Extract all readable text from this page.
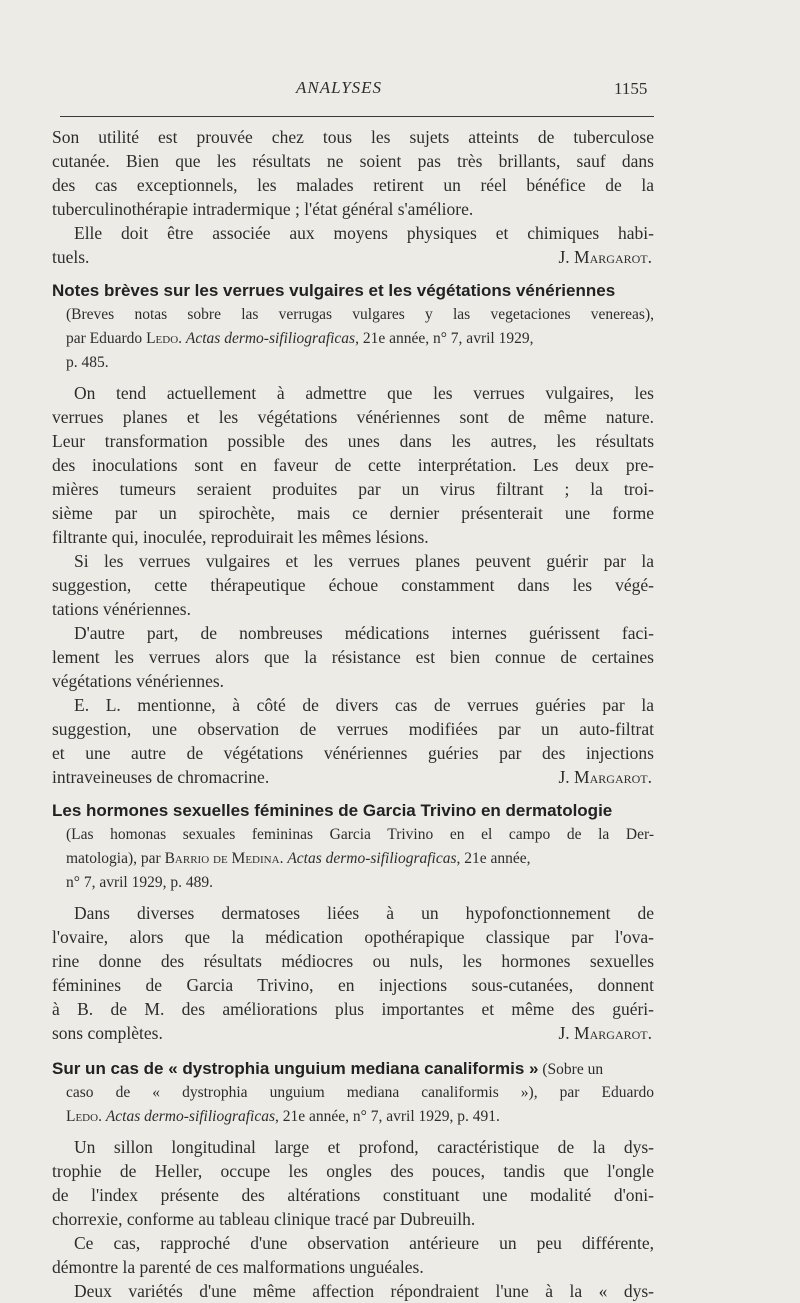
ANALYSES	1155
Son utilité est prouvée chez tous les sujets atteints de tuberculose
cutanée. Bien que les résultats ne soient pas très brillants, sauf dans
des cas exceptionnels, les malades retirent un réel bénéfice de la
tuberculinothérapie intradermique ; l'état général s'améliore.
Elle doit être associée aux moyens physiques et chimiques habi-
tuels.	J. Margarot.
Notes brèves sur les verrues vulgaires et les végétations vénériennes
(Breves notas sobre las verrugas vulgares y las vegetaciones venereas),
par Eduardo Ledo. Actas dermo-sifiliograficas, 21e année, n° 7, avril 1929,
p. 485.
On tend actuellement à admettre que les verrues vulgaires, les
verrues planes et les végétations vénériennes sont de même nature.
Leur transformation possible des unes dans les autres, les résultats
des inoculations sont en faveur de cette interprétation. Les deux pre-
mières tumeurs seraient produites par un virus filtrant ; la troi-
sième par un spirochète, mais ce dernier présenterait une forme
filtrante qui, inoculée, reproduirait les mêmes lésions.
Si les verrues vulgaires et les verrues planes peuvent guérir par la
suggestion, cette thérapeutique échoue constamment dans les végé-
tations vénériennes.
D'autre part, de nombreuses médications internes guérissent faci-
lement les verrues alors que la résistance est bien connue de certaines
végétations vénériennes.
E. L. mentionne, à côté de divers cas de verrues guéries par la
suggestion, une observation de verrues modifiées par un auto-filtrat
et une autre de végétations vénériennes guéries par des injections
intraveineuses de chromacrine.	J. Margarot.
Les hormones sexuelles féminines de Garcia Trivino en dermatologie
(Las homonas sexuales femininas Garcia Trivino en el campo de la Der-
matologia), par Barrio de Medina. Actas dermo-sifiliograficas, 21e année,
n° 7, avril 1929, p. 489.
Dans diverses dermatoses liées à un hypofonctionnement de
l'ovaire, alors que la médication opothérapique classique par l'ova-
rine donne des résultats médiocres ou nuls, les hormones sexuelles
féminines de Garcia Trivino, en injections sous-cutanées, donnent
à B. de M. des améliorations plus importantes et même des guéri-
sons complètes.	J. Margarot.
Sur un cas de « dystrophia unguium mediana canaliformis » (Sobre un
caso de « dystrophia unguium mediana canaliformis »), par Eduardo
Ledo. Actas dermo-sifiliograficas, 21e année, n° 7, avril 1929, p. 491.
Un sillon longitudinal large et profond, caractéristique de la dys-
trophie de Heller, occupe les ongles des pouces, tandis que l'ongle
de l'index présente des altérations constituant une modalité d'oni-
chorrexie, conforme au tableau clinique tracé par Dubreuilh.
Ce cas, rapproché d'une observation antérieure un peu différente,
démontre la parenté de ces malformations unguéales.
Deux variétés d'une même affection répondraient l'une à la « dys-
